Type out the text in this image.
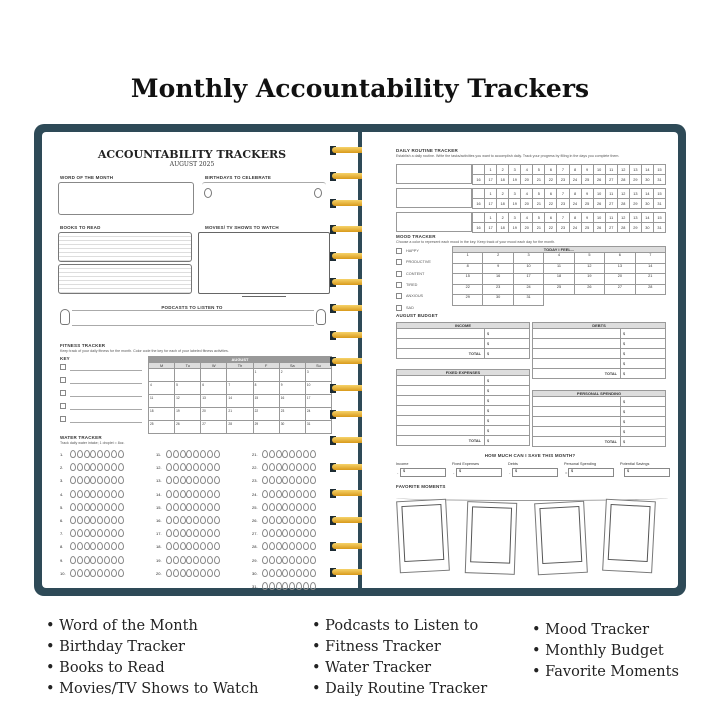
Monthly Accountability Trackers
ACCOUNTABILITY TRACKERS
AUGUST 2025
WORD OF THE MONTH	BIRTHDAYS TO CELEBRATE
BOOKS TO READ	MOVIES/ TV SHOWS TO WATCH
PODCASTS TO LISTEN TO
FITNESS TRACKER
Keep track of your daily fitness for the month. Color code the key for each of your labeled fitness activities.
KEY	AUGUST						
M	Tu	W	Th	F	Sa	Su
				1	2	3
4	5	6	7	8	9	10
11	12	13	14	15	16	17
18	19	20	21	22	23	24
25	26	27	28	29	30	31
WATER TRACKER
Track daily water intake; 1 droplet = 8oz.
1.
2.
3.
4.
5.
6.
7.
8.
9.
10.
11.
12.
13.
14.
15.
16.
17.
18.
19.
20.
21.
22.
23.
24.
25.
26.
27.
28.
29.
30.
31.
DAILY ROUTINE TRACKER
Establish a daily routine. Write the tasks/activities you want to accomplish daily. Track your progress by filling in the days you complete them.
	1	2	3	4	5	6	7	8	9	10	11	12	13	14	15
16	17	18	19	20	21	22	23	24	25	26	27	28	29	30	31
	1	2	3	4	5	6	7	8	9	10	11	12	13	14	15
16	17	18	19	20	21	22	23	24	25	26	27	28	29	30	31
	1	2	3	4	5	6	7	8	9	10	11	12	13	14	15
16	17	18	19	20	21	22	23	24	25	26	27	28	29	30	31
MOOD TRACKER
Choose a color to represent each mood in the key. Keep track of your mood each day for the month.
HAPPY
PRODUCTIVE
CONTENT
TIRED
ANXIOUS
SAD
TODAY I FEEL...						
1	2	3	4	5	6	7
8	9	10	11	12	13	14
15	16	17	18	19	20	21
22	23	24	25	26	27	28
29	30	31				
AUGUST BUDGET
INCOME	
	$
	$
TOTAL	$
DEBTS	
	$
	$
	$
	$
TOTAL	$
FIXED EXPENSES	
	$
	$
	$
	$
	$
	$
TOTAL	$
PERSONAL SPENDING	
	$
	$
	$
	$
TOTAL	$
HOW MUCH CAN I SAVE THIS MONTH?
Income
$
-
Fixed Expenses
$
-
Debts
$
-
Personal Spending
$
=
Potential Savings
$
FAVORITE MOMENTS
• Word of the Month
• Birthday Tracker
• Books to Read
• Movies/TV Shows to Watch
• Podcasts to Listen to
• Fitness Tracker
• Water Tracker
• Daily Routine Tracker
• Mood Tracker
• Monthly Budget
• Favorite Moments
